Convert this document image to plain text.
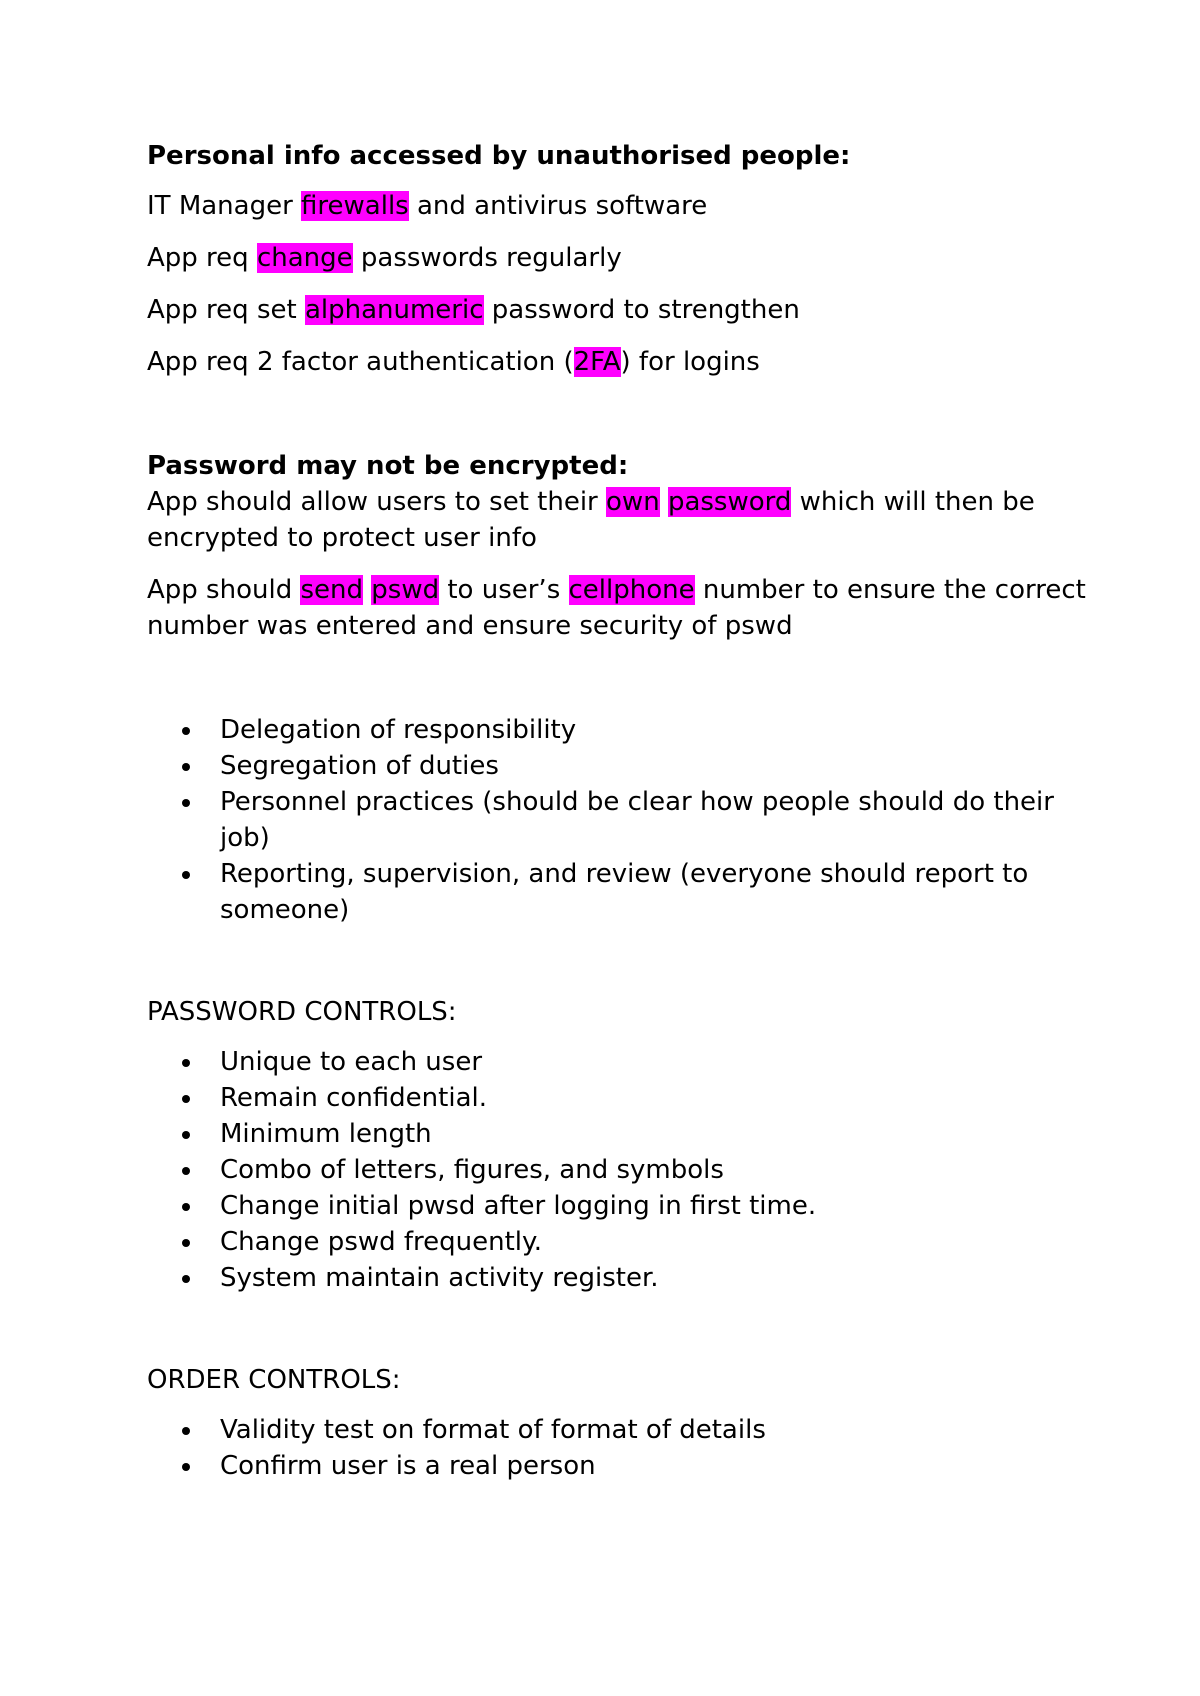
Personal info accessed by unauthorised people:

IT Manager firewalls and antivirus software

App req change passwords regularly

App req set alphanumeric password to strengthen

App req 2 factor authentication (2FA) for logins

Password may not be encrypted:

App should allow users to set their own password which will then be encrypted to protect user info

App should send pswd to user’s cellphone number to ensure the correct number was entered and ensure security of pswd

Delegation of responsibility
Segregation of duties
Personnel practices (should be clear how people should do their job)
Reporting, supervision, and review (everyone should report to someone)

PASSWORD CONTROLS:

Unique to each user
Remain confidential.
Minimum length
Combo of letters, figures, and symbols
Change initial pwsd after logging in first time.
Change pswd frequently.
System maintain activity register.

ORDER CONTROLS:

Validity test on format of format of details
Confirm user is a real person
